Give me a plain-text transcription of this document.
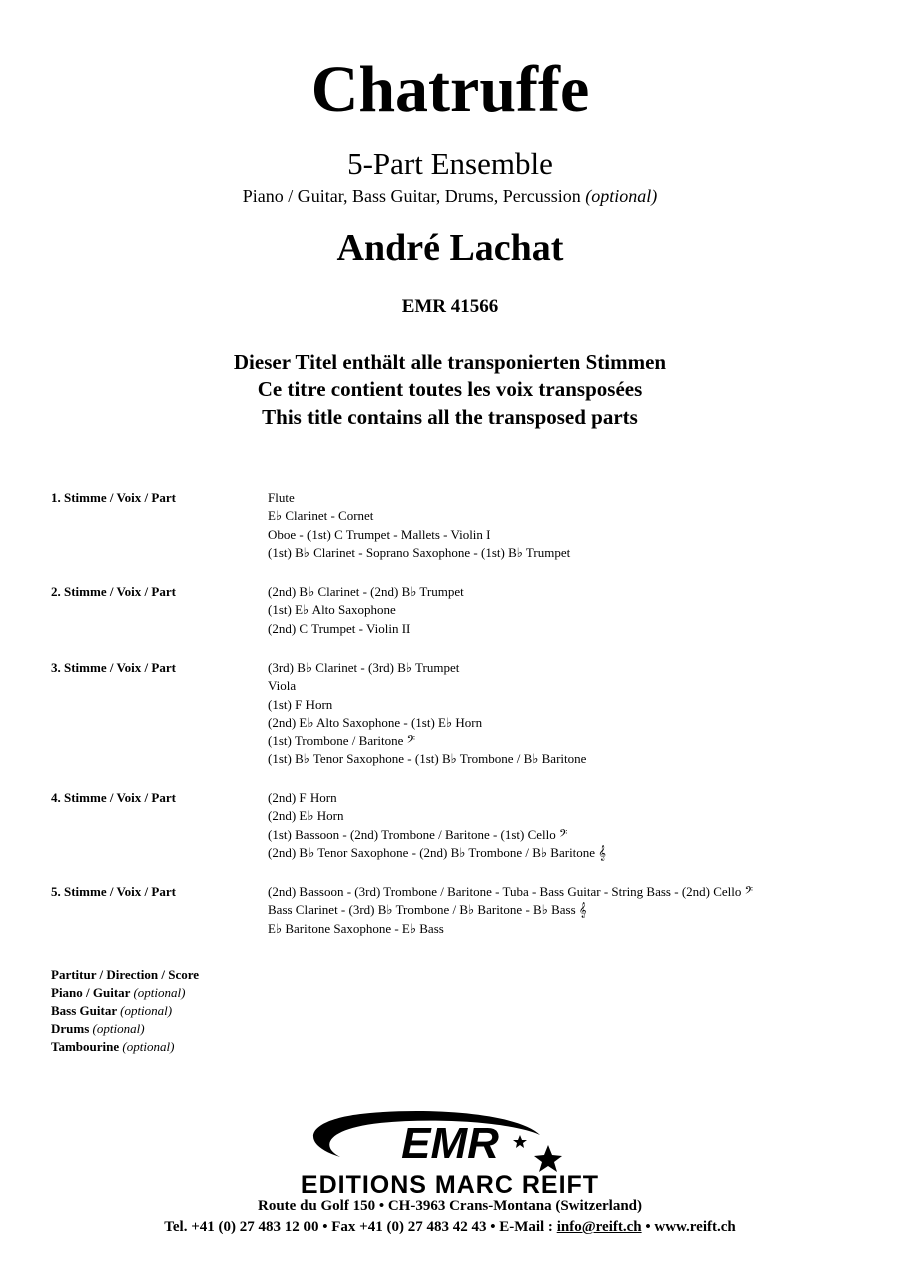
Chatruffe
5-Part Ensemble
Piano / Guitar, Bass Guitar, Drums, Percussion (optional)
André Lachat
EMR 41566
Dieser Titel enthält alle transponierten Stimmen
Ce titre contient toutes les voix transposées
This title contains all the transposed parts
1. Stimme / Voix / Part	Flute
E♭ Clarinet - Cornet
Oboe - (1st) C Trumpet - Mallets - Violin I
(1st) B♭ Clarinet - Soprano Saxophone - (1st) B♭ Trumpet
2. Stimme / Voix / Part	(2nd) B♭ Clarinet - (2nd) B♭ Trumpet
(1st) E♭ Alto Saxophone
(2nd) C Trumpet - Violin II
3. Stimme / Voix / Part	(3rd) B♭ Clarinet - (3rd) B♭ Trumpet
Viola
(1st) F Horn
(2nd) E♭ Alto Saxophone - (1st) E♭ Horn
(1st) Trombone / Baritone 𝄢
(1st) B♭ Tenor Saxophone - (1st) B♭ Trombone / B♭ Baritone
4. Stimme / Voix / Part	(2nd) F Horn
(2nd) E♭ Horn
(1st) Bassoon - (2nd) Trombone / Baritone - (1st) Cello 𝄢
(2nd) B♭ Tenor Saxophone - (2nd) B♭ Trombone / B♭ Baritone 𝄞
5. Stimme / Voix / Part	(2nd) Bassoon - (3rd) Trombone / Baritone - Tuba - Bass Guitar - String Bass - (2nd) Cello 𝄢
Bass Clarinet - (3rd) B♭ Trombone / B♭ Baritone - B♭ Bass 𝄞
E♭ Baritone Saxophone - E♭ Bass
Partitur / Direction / Score
Piano / Guitar (optional)
Bass Guitar (optional)
Drums (optional)
Tambourine (optional)
EMR
EDITIONS MARC REIFT
Route du Golf 150 • CH-3963 Crans-Montana (Switzerland)
Tel. +41 (0) 27 483 12 00 • Fax +41 (0) 27 483 42 43 • E-Mail : info@reift.ch • www.reift.ch
